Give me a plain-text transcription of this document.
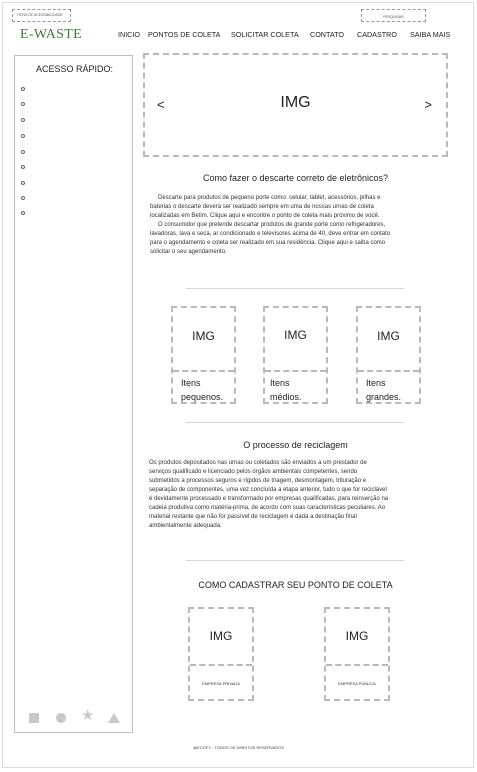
ITENS DE ACESSIBILIDADE	PESQUISAR
E-WASTE	INICIO PONTOS DE COLETA SOLICITAR COLETA CONTATO CADASTRO SAIBA MAIS
ACESSO RÁPIDO:
★
<	IMG	>
Como fazer o descarte correto de eletrônicos?
Descarte para produtos de pequeno porte como: celular, tablet, acessórios, pilhas e
baterias o descarte deverá ser realizado sempre em uma de nossas urnas de coleta
localizadas em Betim. Clique aqui e encontre o ponto de coleta mais próximo de você.
O consumidor que pretende descartar produtos de grande porte como refrigeradores,
lavadoras, lava e seca, ar condicionado e televisores acima de 40, deve entrar em contato
para o agendamento e coleta ser realizado em sua residência. Clique aqui e saiba como
solicitar o seu agendamento.
IMG
Itens
pequenos.
IMG
Itens
médios.
IMG
Itens
grandes.
O processo de reciclagem
Os produtos depositados nas urnas ou coletados são enviados a um prestador de
serviços qualificado e licenciado pelos órgãos ambientais competentes, sendo
submetidos a processos seguros e rígidos de triagem, desmontagem, trituração e
separação de componentes, uma vez concluída a etapa anterior, tudo o que for reciclável
é devidamente processado e transformado por empresas qualificadas, para reinserção na
cadeia produtiva como matéria-prima, de acordo com suas características peculiares. Ao
material restante que não for passível de reciclagem é dada a destinação final
ambientalmente adequada.
COMO CADASTRAR SEU PONTO DE COLETA
IMG
EMPRESA PRIVADA
IMG
EMPRESA PÚBLICA
@ECOFY - TODOS OS DIREITOS RESERVADOS
